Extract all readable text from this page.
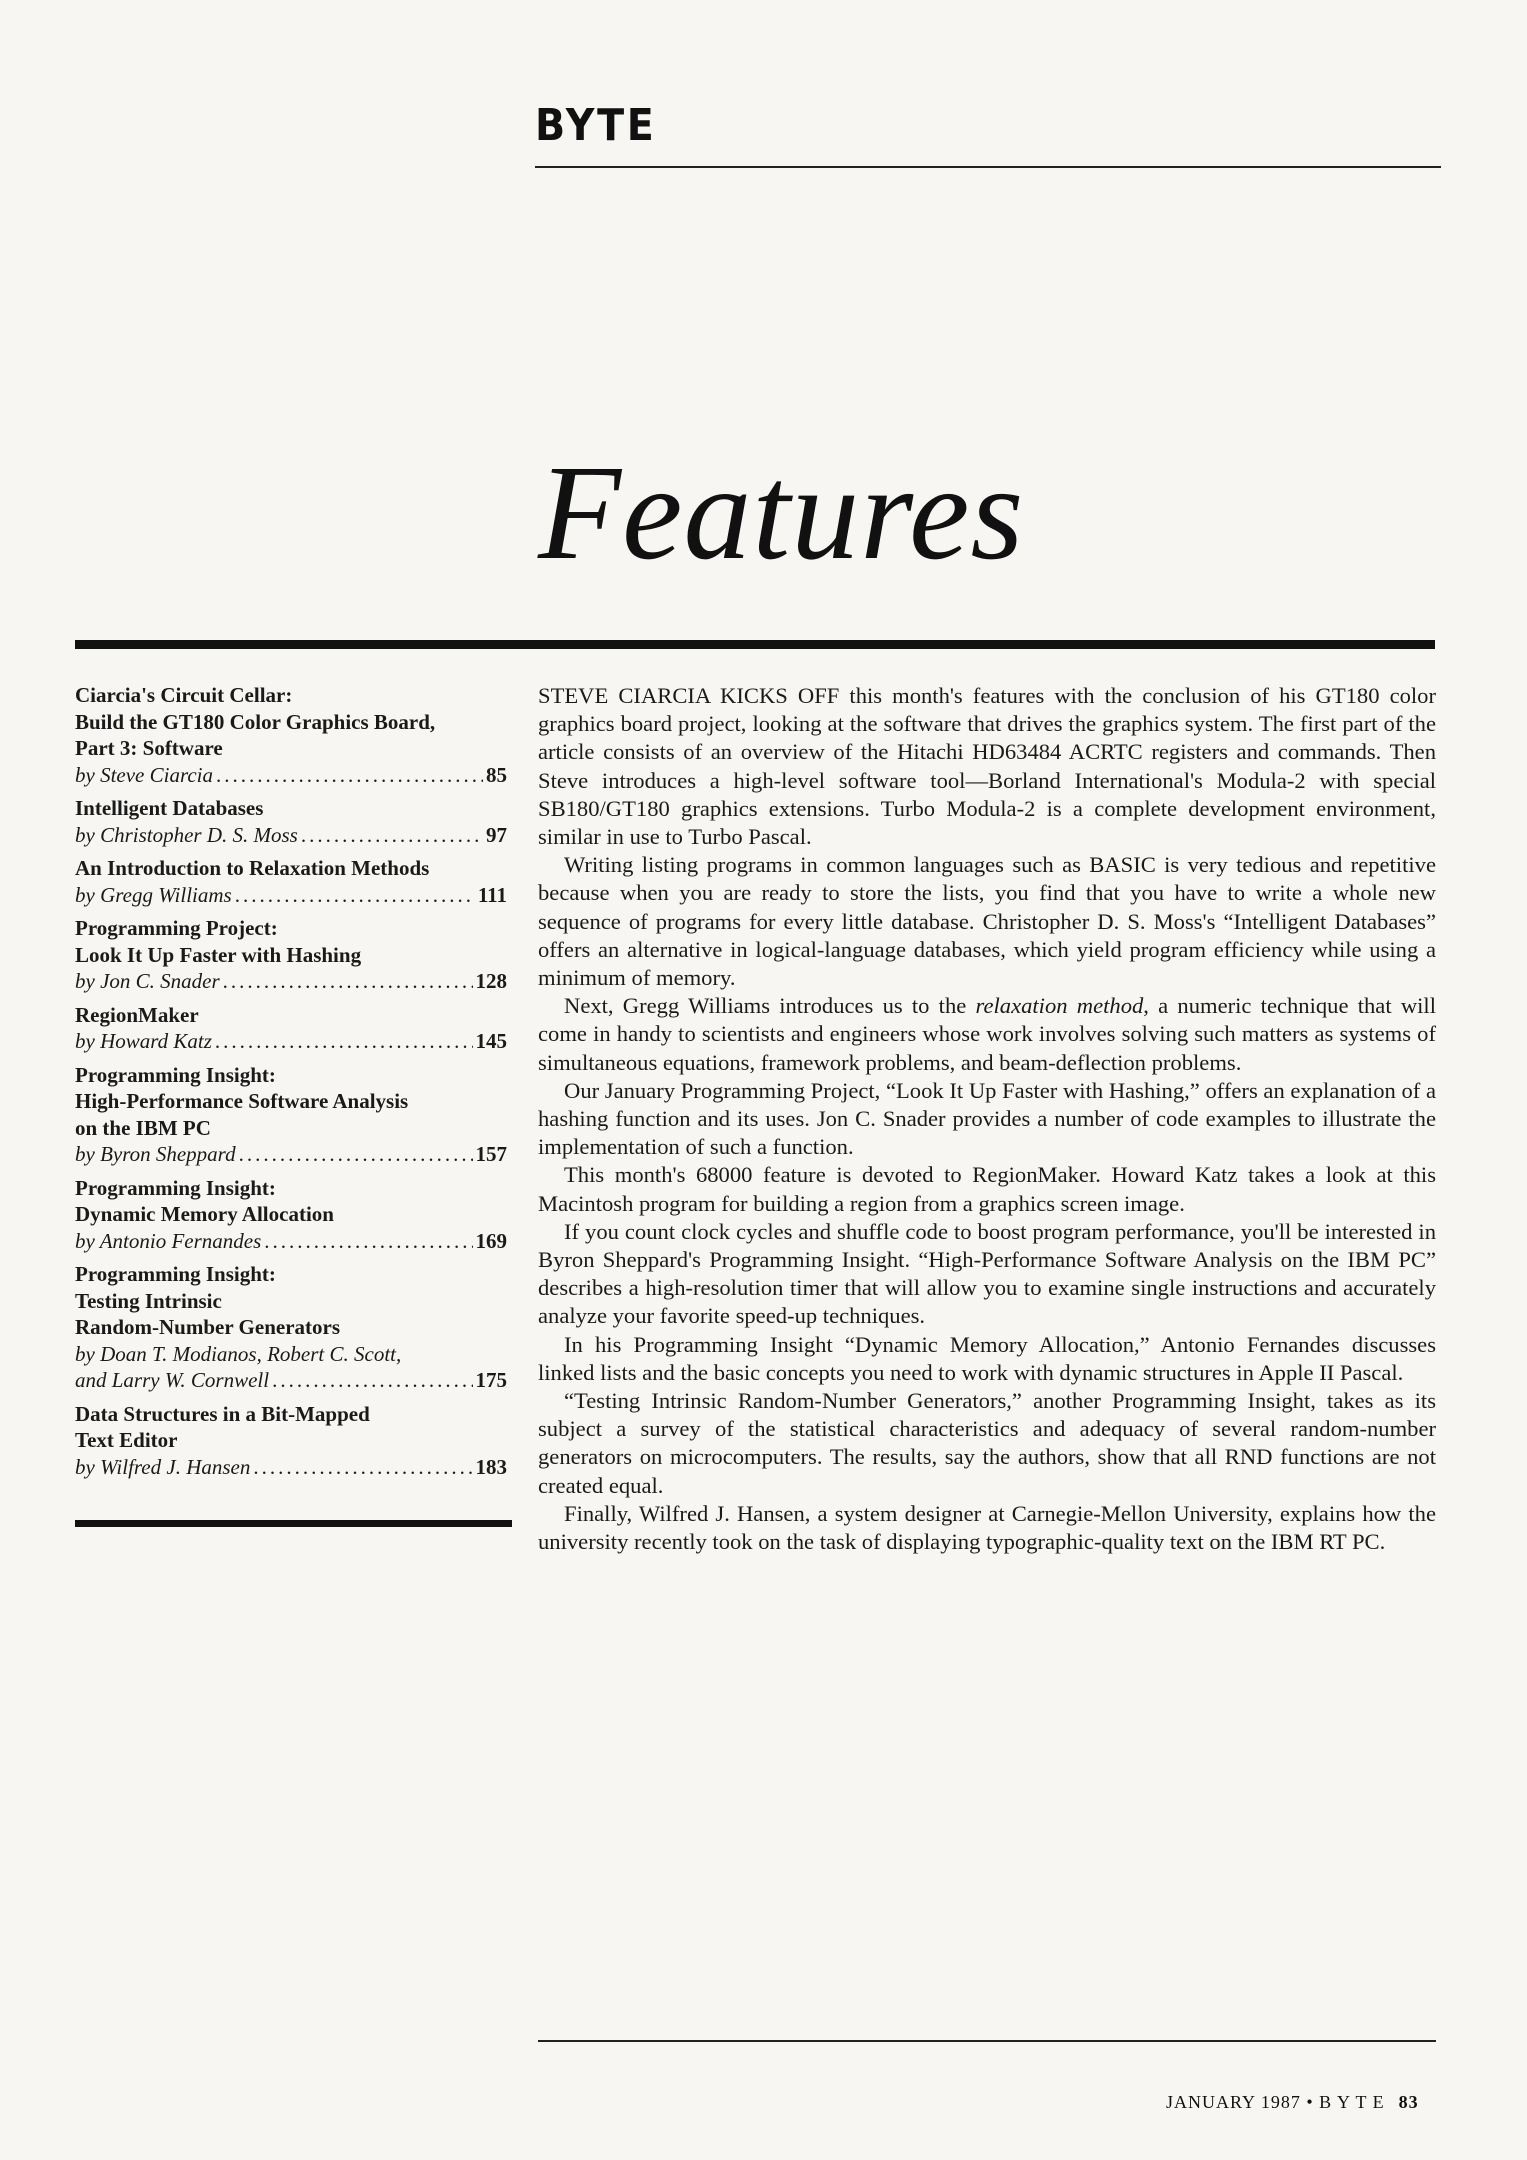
BYTE
Features
Ciarcia's Circuit Cellar:
Build the GT180 Color Graphics Board,
Part 3: Software
by Steve Ciarcia .....	85
Intelligent Databases
by Christopher D. S. Moss .....	97
An Introduction to Relaxation Methods
by Gregg Williams .....	111
Programming Project:
Look It Up Faster with Hashing
by Jon C. Snader .....	128
RegionMaker
by Howard Katz .....	145
Programming Insight:
High-Performance Software Analysis
on the IBM PC
by Byron Sheppard .....	157
Programming Insight:
Dynamic Memory Allocation
by Antonio Fernandes .....	169
Programming Insight:
Testing Intrinsic
Random-Number Generators
by Doan T. Modianos, Robert C. Scott,
and Larry W. Cornwell .....	175
Data Structures in a Bit-Mapped
Text Editor
by Wilfred J. Hansen .....	183

STEVE CIARCIA KICKS OFF this month's features with the conclusion of his GT180 color graphics board project, looking at the software that drives the graphics system. The first part of the article consists of an overview of the Hitachi HD63484 ACRTC registers and commands. Then Steve introduces a high-level software tool—Borland International's Modula-2 with special SB180/GT180 graphics extensions. Turbo Modula-2 is a complete development environment, similar in use to Turbo Pascal.

Writing listing programs in common languages such as BASIC is very tedious and repetitive because when you are ready to store the lists, you find that you have to write a whole new sequence of programs for every little database. Christopher D. S. Moss's “Intelligent Databases” offers an alternative in logical-language databases, which yield program efficiency while using a minimum of memory.

Next, Gregg Williams introduces us to the relaxation method, a numeric technique that will come in handy to scientists and engineers whose work involves solving such matters as systems of simultaneous equations, framework problems, and beam-deflection problems.

Our January Programming Project, “Look It Up Faster with Hashing,” offers an explanation of a hashing function and its uses. Jon C. Snader provides a number of code examples to illustrate the implementation of such a function.

This month's 68000 feature is devoted to RegionMaker. Howard Katz takes a look at this Macintosh program for building a region from a graphics screen image.

If you count clock cycles and shuffle code to boost program performance, you'll be interested in Byron Sheppard's Programming Insight. “High-Performance Software Analysis on the IBM PC” describes a high-resolution timer that will allow you to examine single instructions and accurately analyze your favorite speed-up techniques.

In his Programming Insight “Dynamic Memory Allocation,” Antonio Fernandes discusses linked lists and the basic concepts you need to work with dynamic structures in Apple II Pascal.

“Testing Intrinsic Random-Number Generators,” another Programming Insight, takes as its subject a survey of the statistical characteristics and adequacy of several random-number generators on microcomputers. The results, say the authors, show that all RND functions are not created equal.

Finally, Wilfred J. Hansen, a system designer at Carnegie-Mellon University, explains how the university recently took on the task of displaying typographic-quality text on the IBM RT PC.

JANUARY 1987 • B Y T E 83
